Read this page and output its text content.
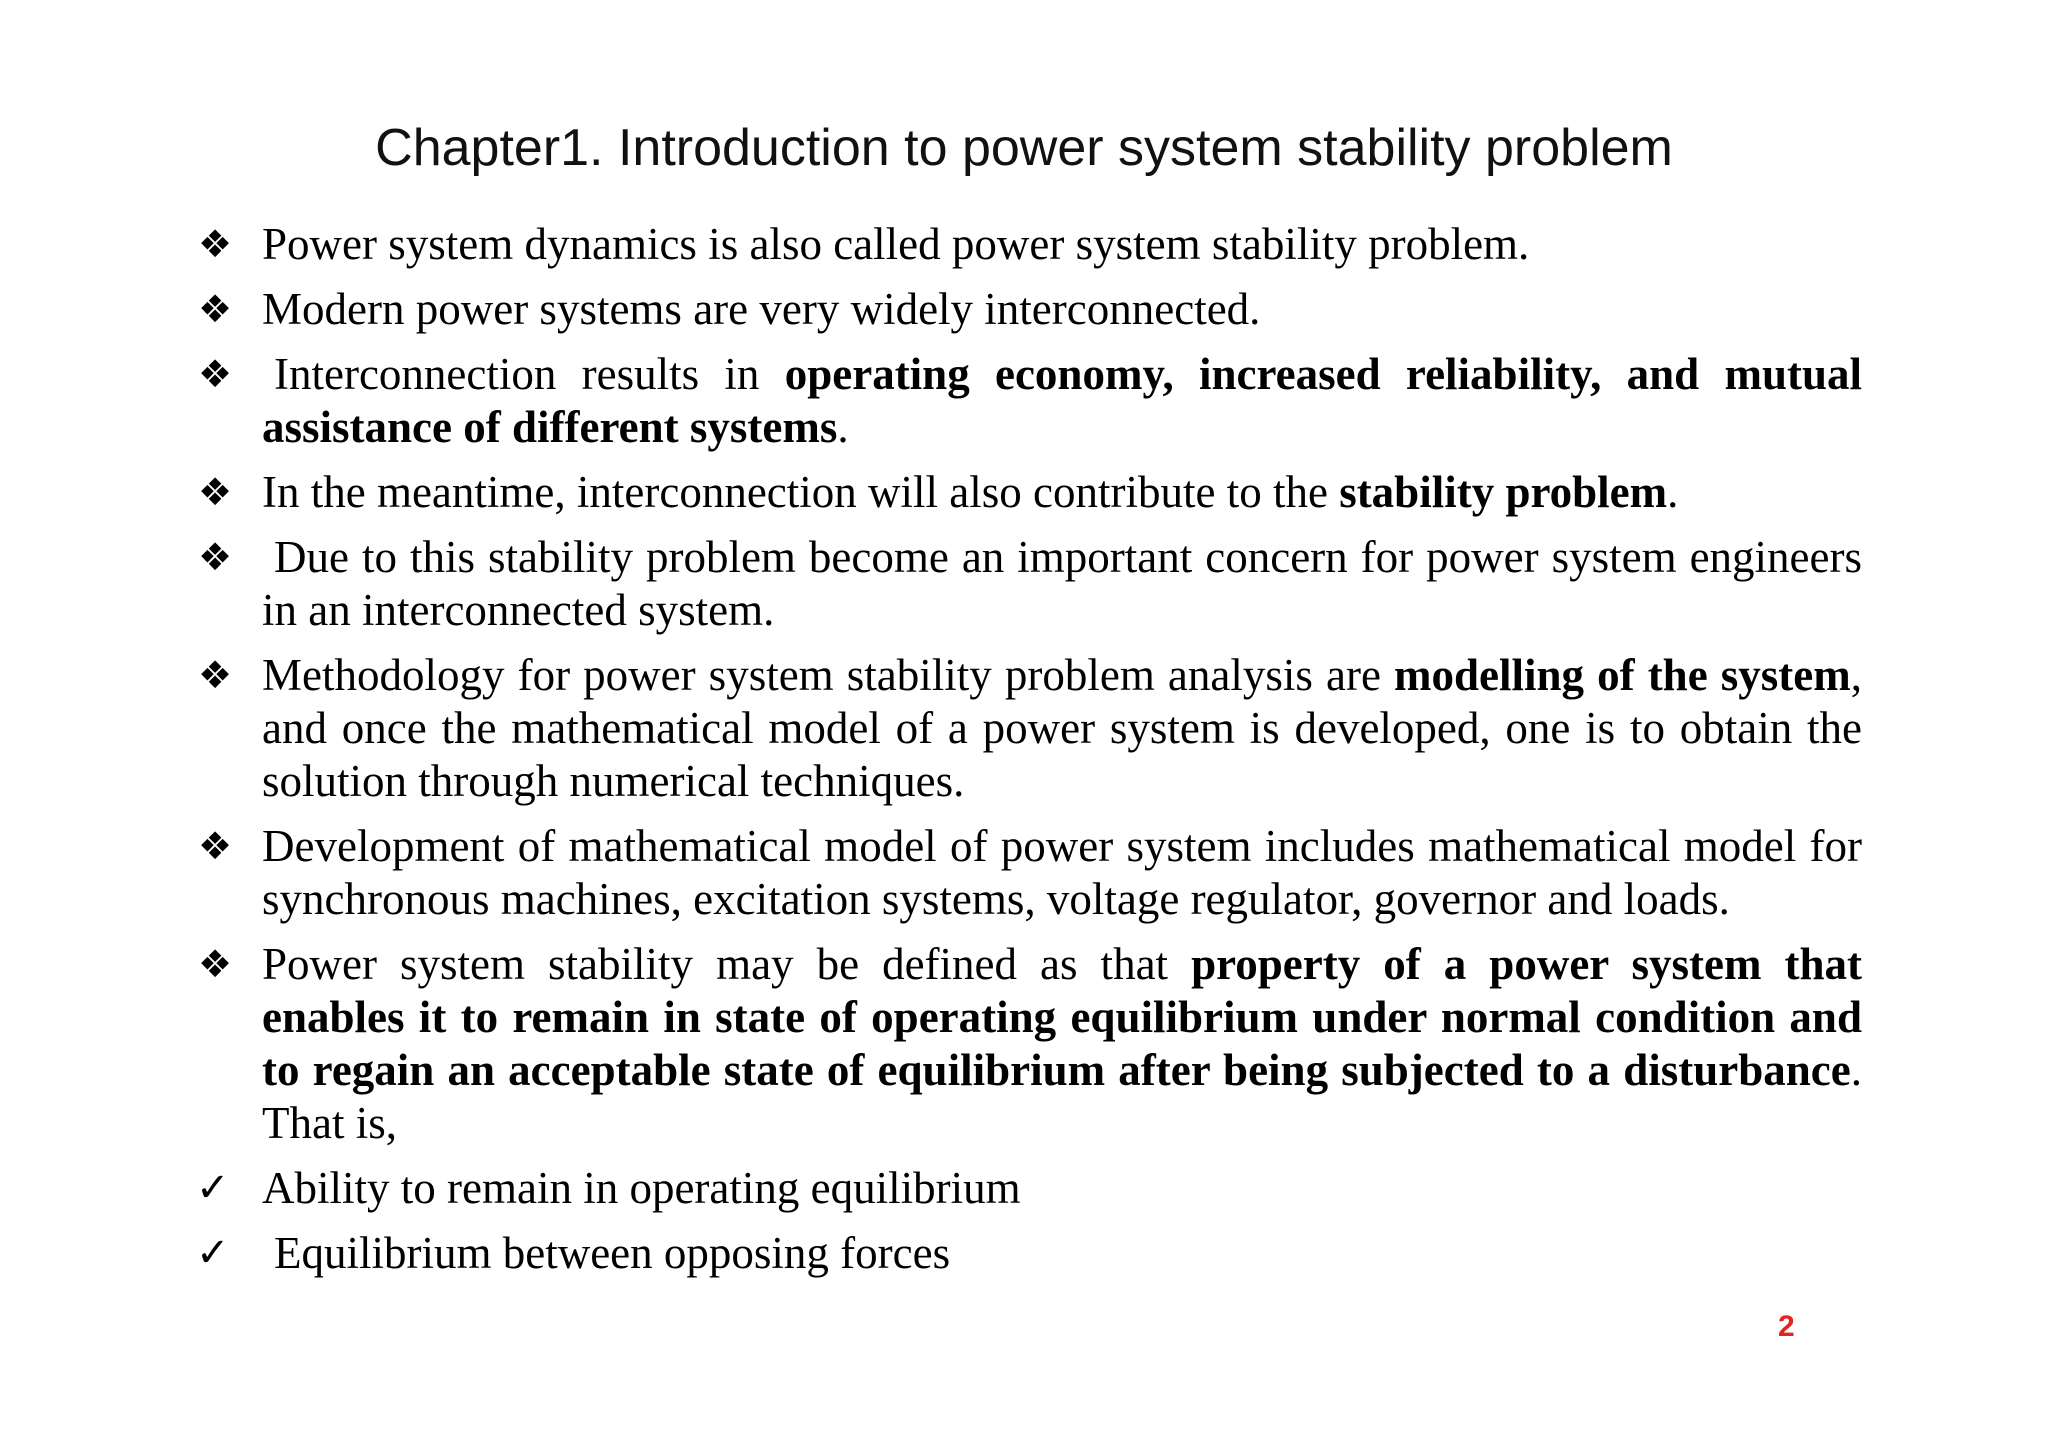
Chapter1. Introduction to power system stability problem
❖ Power system dynamics is also called power system stability problem.
❖ Modern power systems are very widely interconnected.
❖ Interconnection results in operating economy, increased reliability, and mutual assistance of different systems.
❖ In the meantime, interconnection will also contribute to the stability problem.
❖ Due to this stability problem become an important concern for power system engineers in an interconnected system.
❖ Methodology for power system stability problem analysis are modelling of the system, and once the mathematical model of a power system is developed, one is to obtain the solution through numerical techniques.
❖ Development of mathematical model of power system includes mathematical model for synchronous machines, excitation systems, voltage regulator, governor and loads.
❖ Power system stability may be defined as that property of a power system that enables it to remain in state of operating equilibrium under normal condition and to regain an acceptable state of equilibrium after being subjected to a disturbance. That is,
✓ Ability to remain in operating equilibrium
✓ Equilibrium between opposing forces
2
